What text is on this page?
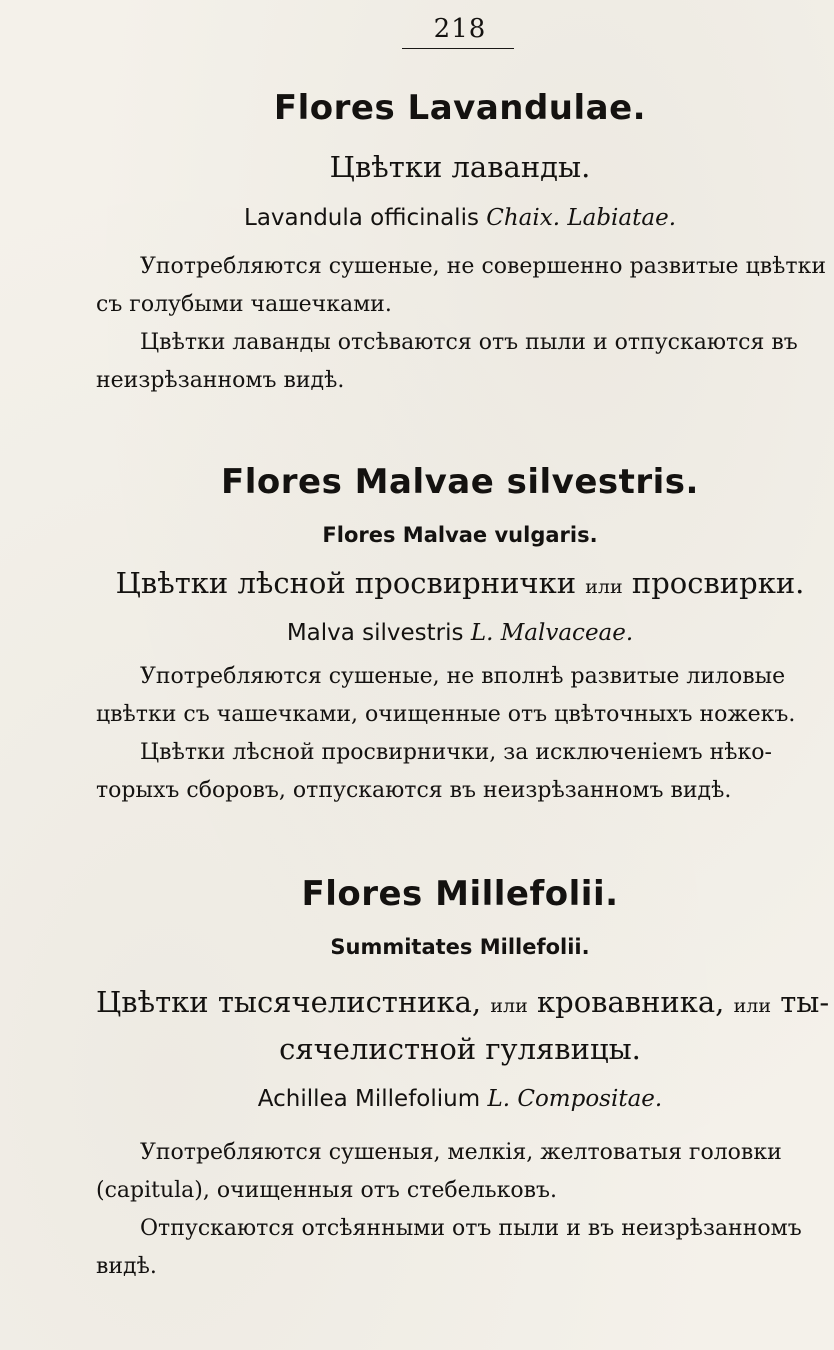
218
Flores Lavandulae.
Цвѣтки лаванды.
Lavandula officinalis Chaix. Labiatae.
Употребляются сушеные, не совершенно развитые цвѣтки
съ голубыми чашечками.
Цвѣтки лаванды отсѣваются отъ пыли и отпускаются въ
неизрѣзанномъ видѣ.
Flores Malvae silvestris.
Flores Malvae vulgaris.
Цвѣтки лѣсной просвирнички или просвирки.
Malva silvestris L. Malvaceae.
Употребляются сушеные, не вполнѣ развитые лиловые
цвѣтки съ чашечками, очищенные отъ цвѣточныхъ ножекъ.
Цвѣтки лѣсной просвирнички, за исключеніемъ нѣко-
торыхъ сборовъ, отпускаются въ неизрѣзанномъ видѣ.
Flores Millefolii.
Summitates Millefolii.
Цвѣтки тысячелистника, или кровавника, или ты-
сячелистной гулявицы.
Achillea Millefolium L. Compositae.
Употребляются сушеныя, мелкія, желтоватыя головки
(capitula), очищенныя отъ стебельковъ.
Отпускаются отсѣянными отъ пыли и въ неизрѣзанномъ
видѣ.
